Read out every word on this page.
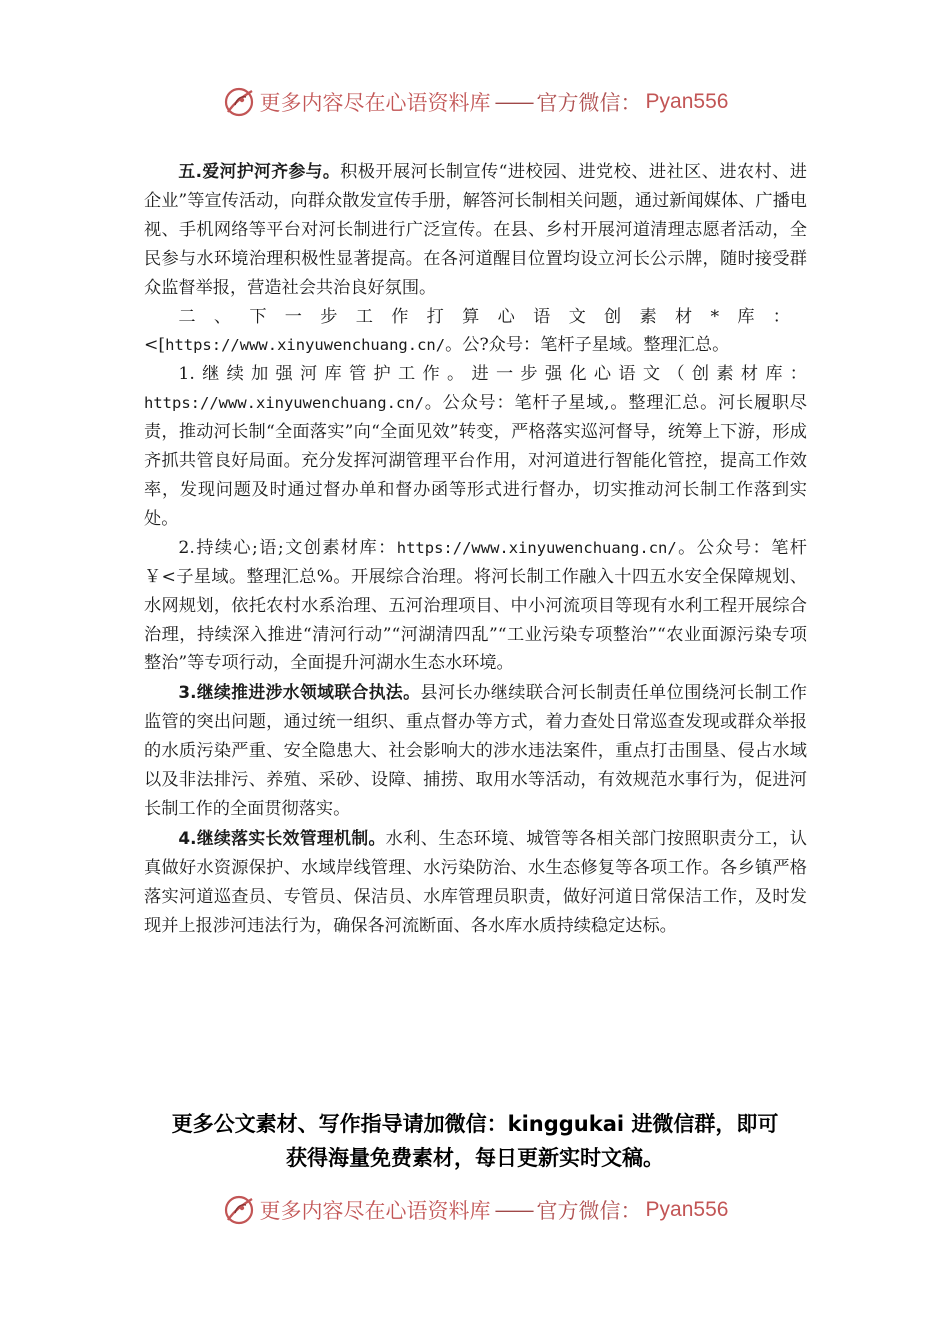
更多内容尽在心语资料库 —— 官方微信： Pyan556

五.爱河护河齐参与。积极开展河长制宣传“进校园、进党校、进社区、进农村、进企业”等宣传活动，向群众散发宣传手册，解答河长制相关问题，通过新闻媒体、广播电视、手机网络等平台对河长制进行广泛宣传。在县、乡村开展河道清理志愿者活动，全民参与水环境治理积极性显著提高。在各河道醒目位置均设立河长公示牌，随时接受群众监督举报，营造社会共治良好氛围。

二、下一步工作打算心语文创素材*库：<[https://www.xinyuwenchuang.cn/。公?众号：笔杆子星域。整理汇总。

1.继续加强河库管护工作。进一步强化心语文（创素材库：https://www.xinyuwenchuang.cn/。公众号：笔杆子星域,。整理汇总。河长履职尽责，推动河长制“全面落实”向“全面见效”转变，严格落实巡河督导，统筹上下游，形成齐抓共管良好局面。充分发挥河湖管理平台作用，对河道进行智能化管控，提高工作效率，发现问题及时通过督办单和督办函等形式进行督办，切实推动河长制工作落到实处。

2.持续心;语;文创素材库：https://www.xinyuwenchuang.cn/。公众号：笔杆￥<子星域。整理汇总%。开展综合治理。将河长制工作融入十四五水安全保障规划、水网规划，依托农村水系治理、五河治理项目、中小河流项目等现有水利工程开展综合治理，持续深入推进“清河行动”“河湖清四乱”“工业污染专项整治”“农业面源污染专项整治”等专项行动，全面提升河湖水生态水环境。

3.继续推进涉水领域联合执法。县河长办继续联合河长制责任单位围绕河长制工作监管的突出问题，通过统一组织、重点督办等方式，着力查处日常巡查发现或群众举报的水质污染严重、安全隐患大、社会影响大的涉水违法案件，重点打击围垦、侵占水域以及非法排污、养殖、采砂、设障、捕捞、取用水等活动，有效规范水事行为，促进河长制工作的全面贯彻落实。

4.继续落实长效管理机制。水利、生态环境、城管等各相关部门按照职责分工，认真做好水资源保护、水域岸线管理、水污染防治、水生态修复等各项工作。各乡镇严格落实河道巡查员、专管员、保洁员、水库管理员职责，做好河道日常保洁工作，及时发现并上报涉河违法行为，确保各河流断面、各水库水质持续稳定达标。

更多公文素材、写作指导请加微信：kinggukai 进微信群，即可
获得海量免费素材，每日更新实时文稿。
更多内容尽在心语资料库 —— 官方微信： Pyan556
